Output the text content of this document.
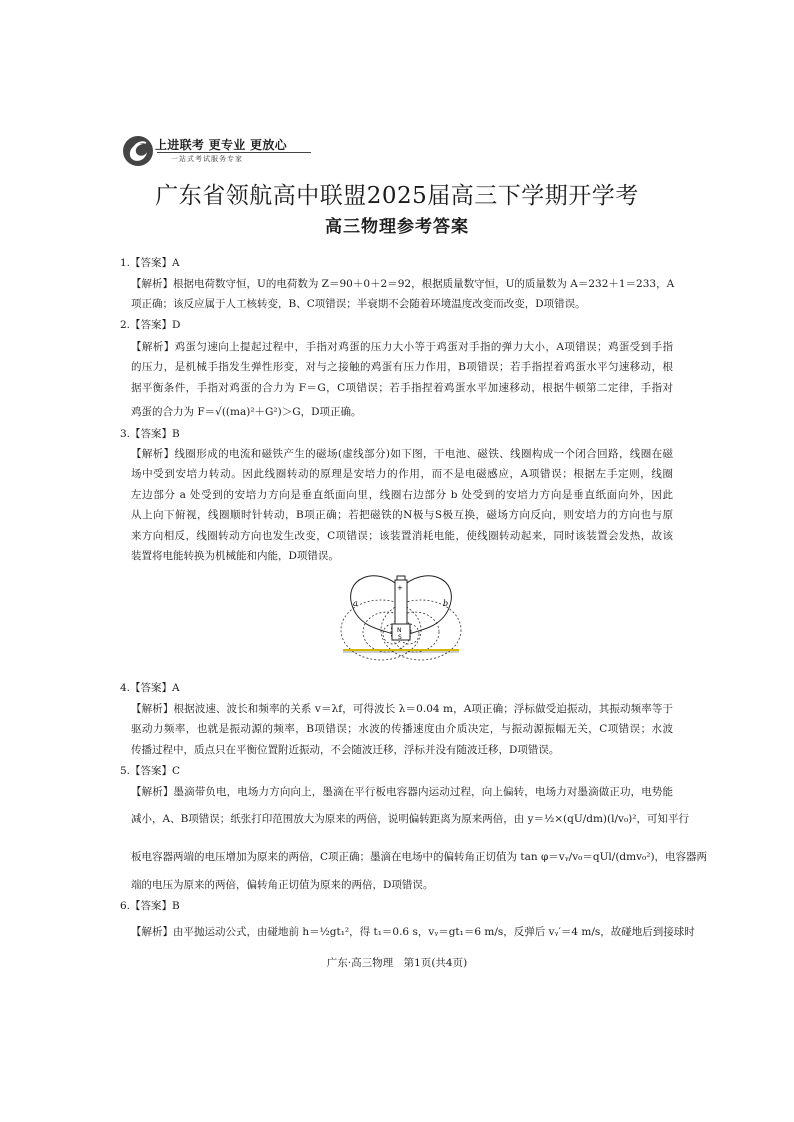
上进联考 更专业 更放心
一站式考试服务专家
广东省领航高中联盟2025届高三下学期开学考
高三物理参考答案
1.【答案】A
【解析】根据电荷数守恒，U的电荷数为 Z＝90＋0＋2＝92，根据质量数守恒，U的质量数为 A＝232＋1＝233，A
项正确；该反应属于人工核转变，B、C项错误；半衰期不会随着环境温度改变而改变，D项错误。
2.【答案】D
【解析】鸡蛋匀速向上提起过程中，手指对鸡蛋的压力大小等于鸡蛋对手指的弹力大小，A项错误；鸡蛋受到手指
的压力，是机械手指发生弹性形变，对与之接触的鸡蛋有压力作用，B项错误；若手指捏着鸡蛋水平匀速移动，根
据平衡条件，手指对鸡蛋的合力为 F＝G，C项错误；若手指捏着鸡蛋水平加速移动，根据牛顿第二定律，手指对
鸡蛋的合力为 F＝√((ma)²＋G²)＞G，D项正确。
3.【答案】B
【解析】线圈形成的电流和磁铁产生的磁场(虚线部分)如下图，干电池、磁铁、线圈构成一个闭合回路，线圈在磁
场中受到安培力转动。因此线圈转动的原理是安培力的作用，而不是电磁感应，A项错误；根据左手定则，线圈
左边部分 a 处受到的安培力方向是垂直纸面向里，线圈右边部分 b 处受到的安培力方向是垂直纸面向外，因此
从上向下俯视，线圈顺时针转动，B项正确；若把磁铁的N极与S极互换，磁场方向反向，则安培力的方向也与原
来方向相反，线圈转动方向也发生改变，C项错误；该装置消耗电能，使线圈转动起来，同时该装置会发热，故该
装置将电能转换为机械能和内能，D项错误。
+
N
S
a	b
4.【答案】A
【解析】根据波速、波长和频率的关系 v＝λf，可得波长 λ＝0.04 m，A项正确；浮标做受迫振动，其振动频率等于
驱动力频率，也就是振动源的频率，B项错误；水波的传播速度由介质决定，与振动源振幅无关，C项错误；水波
传播过程中，质点只在平衡位置附近振动，不会随波迁移，浮标并没有随波迁移，D项错误。
5.【答案】C
【解析】墨滴带负电，电场力方向向上，墨滴在平行板电容器内运动过程，向上偏转，电场力对墨滴做正功，电势能
减小，A、B项错误；纸张打印范围放大为原来的两倍，说明偏转距离为原来两倍，由 y＝½×(qU/dm)(l/v₀)²，可知平行
板电容器两端的电压增加为原来的两倍，C项正确；墨滴在电场中的偏转角正切值为 tan φ＝vᵧ/v₀＝qUl/(dmv₀²)，电容器两
端的电压为原来的两倍，偏转角正切值为原来的两倍，D项错误。
6.【答案】B
【解析】由平抛运动公式，由碰地前 h＝½gt₁²，得 t₁＝0.6 s，vᵧ＝gt₁＝6 m/s，反弹后 vᵧ′＝4 m/s，故碰地后到接球时
广东·高三物理　第1页(共4页)
